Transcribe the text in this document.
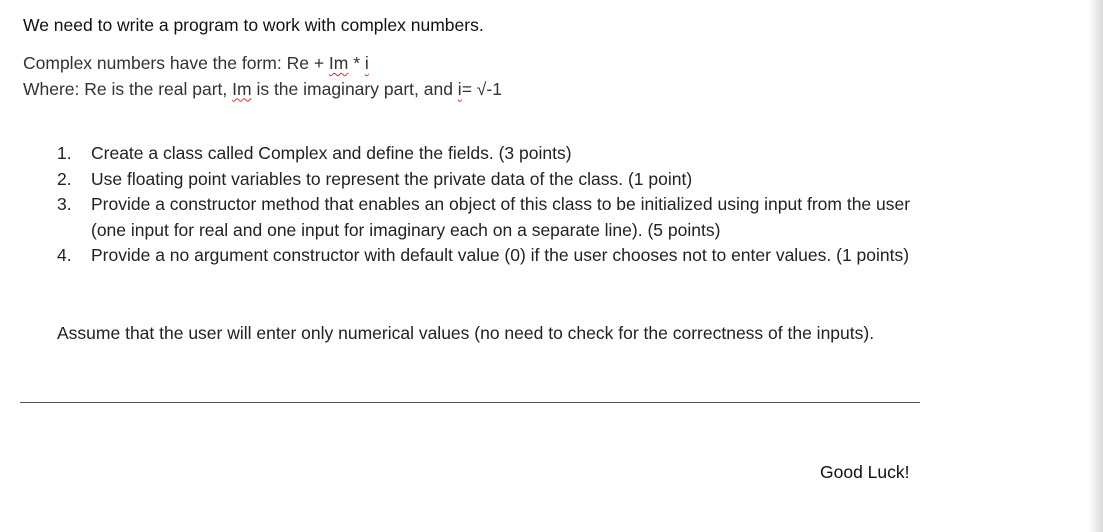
We need to write a program to work with complex numbers.
Complex numbers have the form: Re + Im * i
Where: Re is the real part, Im is the imaginary part, and i= √-1
1.	Create a class called Complex and define the fields. (3 points)
2.	Use floating point variables to represent the private data of the class. (1 point)
3.	Provide a constructor method that enables an object of this class to be initialized using input from the user (one input for real and one input for imaginary each on a separate line). (5 points)
4.	Provide a no argument constructor with default value (0) if the user chooses not to enter values. (1 points)
Assume that the user will enter only numerical values (no need to check for the correctness of the inputs).
Good Luck!
